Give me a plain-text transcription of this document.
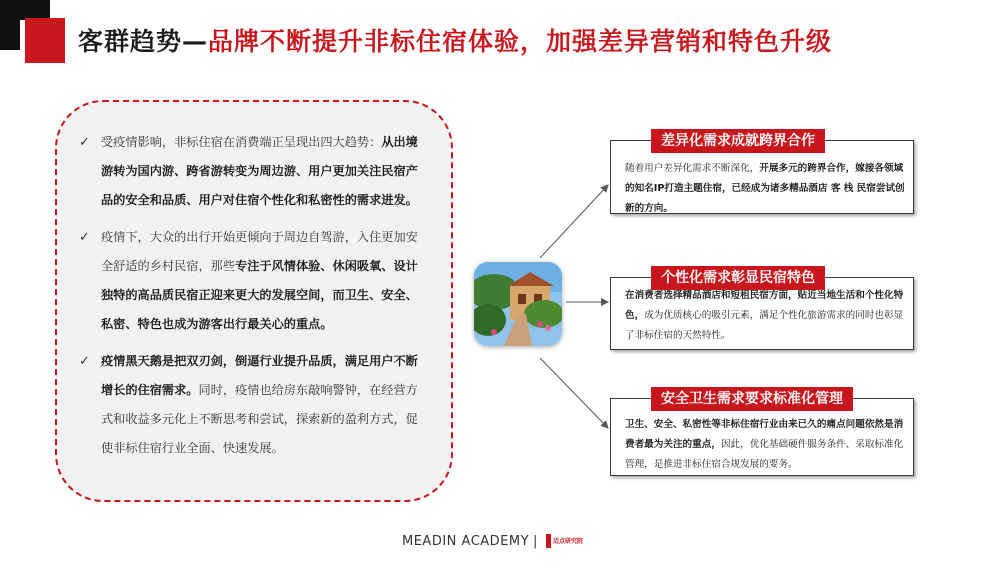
客群趋势—品牌不断提升非标住宿体验，加强差异营销和特色升级
✓ 受疫情影响，非标住宿在消费端正呈现出四大趋势：从出境游转为国内游、跨省游转变为周边游、用户更加关注民宿产品的安全和品质、用户对住宿个性化和私密性的需求进发。
✓ 疫情下，大众的出行开始更倾向于周边自驾游，入住更加安全舒适的乡村民宿，那些专注于风情体验、休闲吸氧、设计独特的高品质民宿正迎来更大的发展空间，而卫生、安全、私密、特色也成为游客出行最关心的重点。
✓ 疫情黑天鹅是把双刃剑，倒逼行业提升品质，满足用户不断增长的住宿需求。同时，疫情也给房东敲响警钟，在经营方式和收益多元化上不断思考和尝试，探索新的盈利方式，促使非标住宿行业全面、快速发展。
差异化需求成就跨界合作
随着用户差异化需求不断深化，开展多元的跨界合作，嫁接各领域的知名IP打造主题住宿，已经成为诸多精品酒店 客 栈 民宿尝试创新的方向。
个性化需求彰显民宿特色
在消费者选择精品酒店和短租民宿方面，贴近当地生活和个性化特色，成为优质核心的吸引元素，满足个性化旅游需求的同时也彰显了非标住宿的天然特性。
安全卫生需求要求标准化管理
卫生、安全、私密性等非标住宿行业由来已久的痛点问题依然是消费者最为关注的重点，因此，优化基础硬件服务条件、采取标准化管理，是推进非标住宿合规发展的要务。
MEADIN ACADEMY |	迈点研究院
